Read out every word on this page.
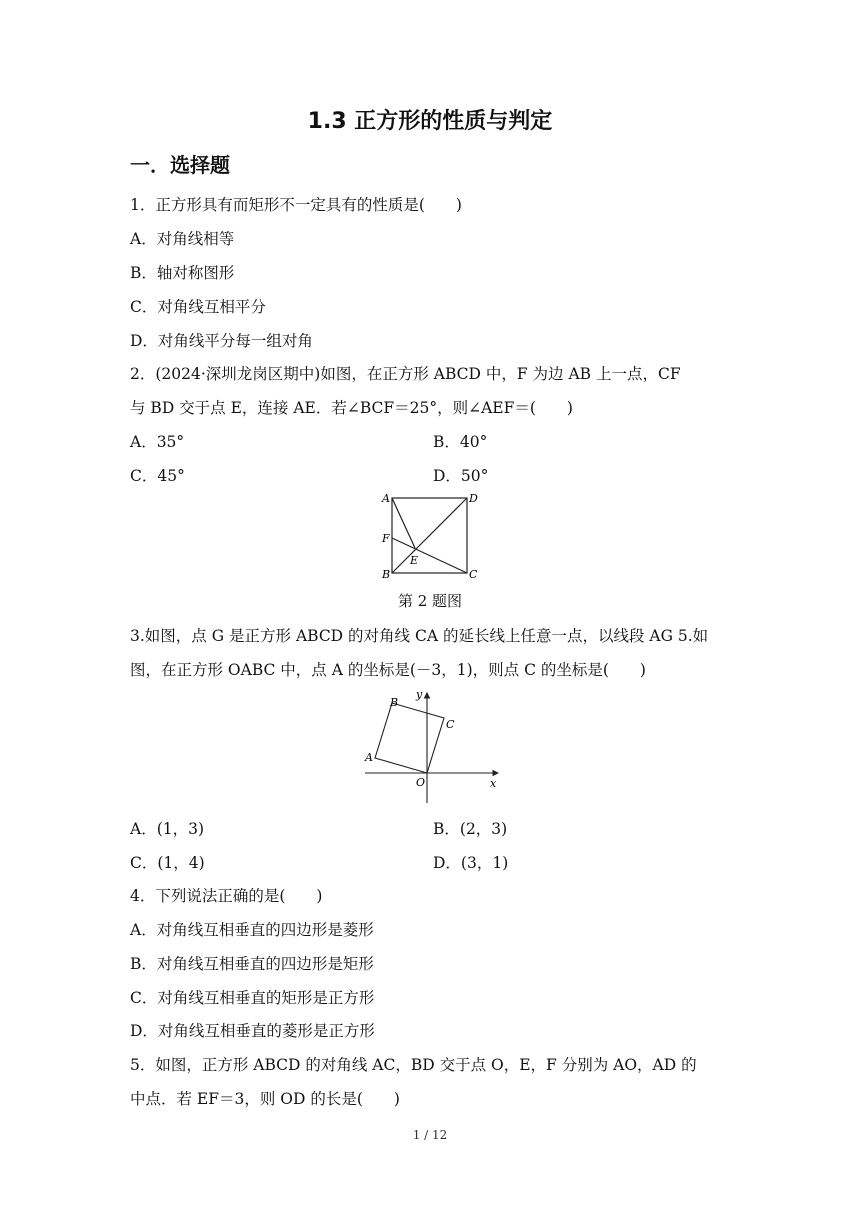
1.3 正方形的性质与判定
一．选择题
1．正方形具有而矩形不一定具有的性质是(　　)
A．对角线相等
B．轴对称图形
C．对角线互相平分
D．对角线平分每一组对角
2．(2024·深圳龙岗区期中)如图，在正方形 ABCD 中，F 为边 AB 上一点，CF
与 BD 交于点 E，连接 AE．若∠BCF＝25°，则∠AEF＝(　　)
A．35°	B．40°
C．45°	D．50°
A	D
F
E
B	C
第 2 题图
3.如图，点 G 是正方形 ABCD 的对角线 CA 的延长线上任意一点，以线段 AG 5.如
图，在正方形 OABC 中，点 A 的坐标是(－3，1)，则点 C 的坐标是(　　)
y
x
B
C
A
O
A．(1，3)	B．(2，3)
C．(1，4)	D．(3，1)
4．下列说法正确的是(　　)
A．对角线互相垂直的四边形是菱形
B．对角线互相垂直的四边形是矩形
C．对角线互相垂直的矩形是正方形
D．对角线互相垂直的菱形是正方形
5．如图，正方形 ABCD 的对角线 AC，BD 交于点 O，E，F 分别为 AO，AD 的
中点．若 EF＝3，则 OD 的长是(　　)
1 / 12
